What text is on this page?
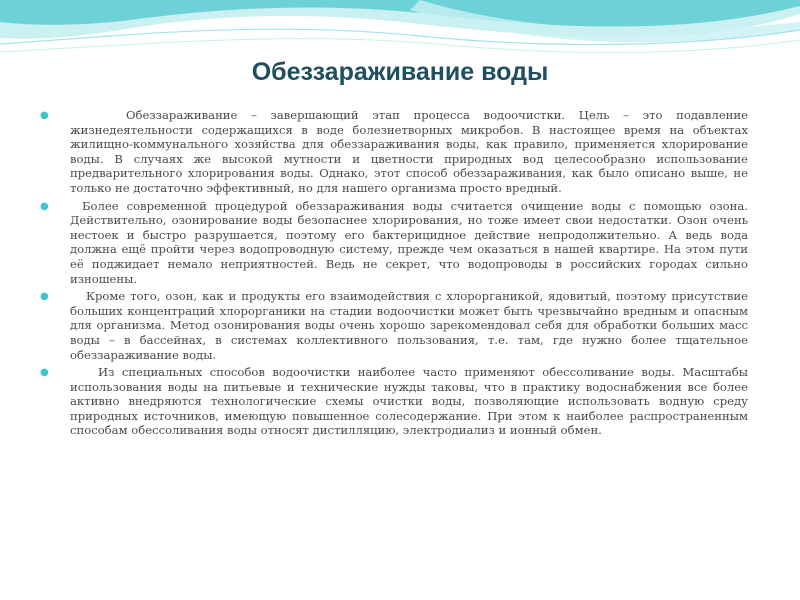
Обеззараживание воды

●	Обеззараживание – завершающий этап процесса водоочистки. Цель – это подавление жизнедеятельности содержащихся в воде болезнетворных микробов. В настоящее время на объектах жилищно-коммунального хозяйства для обеззараживания воды, как правило, применяется хлорирование воды. В случаях же высокой мутности и цветности природных вод целесообразно использование предварительного хлорирования воды. Однако, этот способ обеззараживания, как было описано выше, не только не достаточно эффективный, но для нашего организма просто вредный.

●	Более современной процедурой обеззараживания воды считается очищение воды с помощью озона. Действительно, озонирование воды безопаснее хлорирования, но тоже имеет свои недостатки. Озон очень нестоек и быстро разрушается, поэтому его бактерицидное действие непродолжительно. А ведь вода должна ещё пройти через водопроводную систему, прежде чем оказаться в нашей квартире. На этом пути её поджидает немало неприятностей. Ведь не секрет, что водопроводы в российских городах сильно изношены.

●	Кроме того, озон, как и продукты его взаимодействия с хлорорганикой, ядовитый, поэтому присутствие больших концентраций хлорорганики на стадии водоочистки может быть чрезвычайно вредным и опасным для организма. Метод озонирования воды очень хорошо зарекомендовал себя для обработки больших масс воды – в бассейнах, в системах коллективного пользования, т.е. там, где нужно более тщательное обеззараживание воды.

●	Из специальных способов водоочистки наиболее часто применяют обессоливание воды. Масштабы использования воды на питьевые и технические нужды таковы, что в практику водоснабжения все более активно внедряются технологические схемы очистки воды, позволяющие использовать водную среду природных источников, имеющую повышенное солесодержание. При этом к наиболее распространенным способам обессоливания воды относят дистилляцию, электродиализ и ионный обмен.
